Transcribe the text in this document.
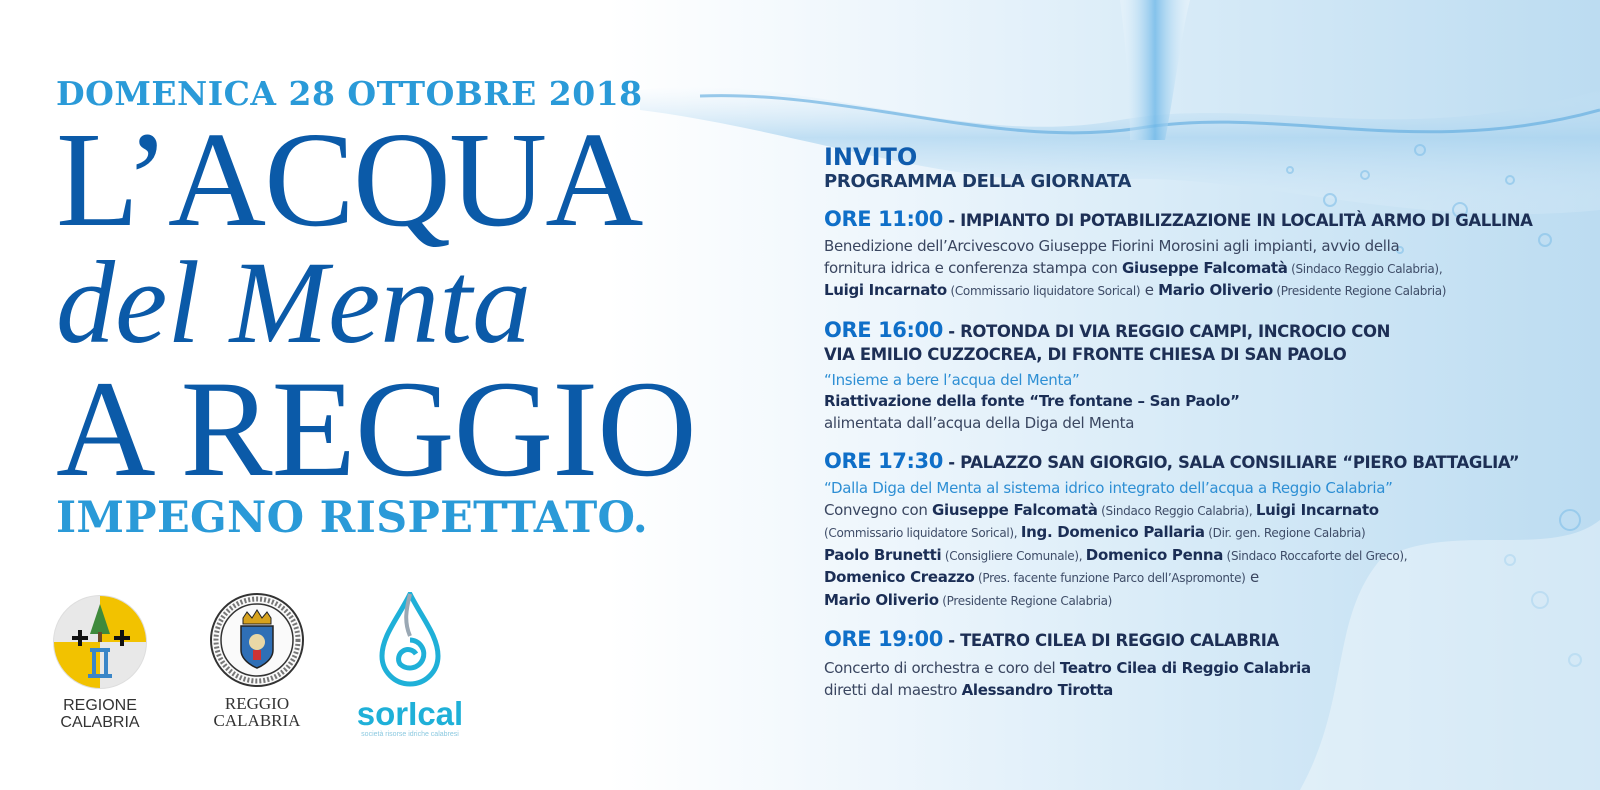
DOMENICA 28 OTTOBRE 2018
L’ACQUA
del Menta
A REGGIO
IMPEGNO RISPETTATO.
REGIONE
CALABRIA
REGGIO
CALABRIA sorIcal
società risorse idriche calabresi
INVITO
PROGRAMMA DELLA GIORNATA
ORE 11:00 - IMPIANTO DI POTABILIZZAZIONE IN LOCALITÀ ARMO DI GALLINA
Benedizione dell’Arcivescovo Giuseppe Fiorini Morosini agli impianti, avvio della
fornitura idrica e conferenza stampa con Giuseppe Falcomatà (Sindaco Reggio Calabria),
Luigi Incarnato (Commissario liquidatore Sorical) e Mario Oliverio (Presidente Regione Calabria)
ORE 16:00 - ROTONDA DI VIA REGGIO CAMPI, INCROCIO CON
VIA EMILIO CUZZOCREA, DI FRONTE CHIESA DI SAN PAOLO
“Insieme a bere l’acqua del Menta”
Riattivazione della fonte “Tre fontane – San Paolo”
alimentata dall’acqua della Diga del Menta
ORE 17:30 - PALAZZO SAN GIORGIO, SALA CONSILIARE “PIERO BATTAGLIA”
“Dalla Diga del Menta al sistema idrico integrato dell’acqua a Reggio Calabria”
Convegno con Giuseppe Falcomatà (Sindaco Reggio Calabria), Luigi Incarnato
(Commissario liquidatore Sorical), Ing. Domenico Pallaria (Dir. gen. Regione Calabria)
Paolo Brunetti (Consigliere Comunale), Domenico Penna (Sindaco Roccaforte del Greco),
Domenico Creazzo (Pres. facente funzione Parco dell’Aspromonte) e
Mario Oliverio (Presidente Regione Calabria)
ORE 19:00 - TEATRO CILEA DI REGGIO CALABRIA
Concerto di orchestra e coro del Teatro Cilea di Reggio Calabria
diretti dal maestro Alessandro Tirotta
